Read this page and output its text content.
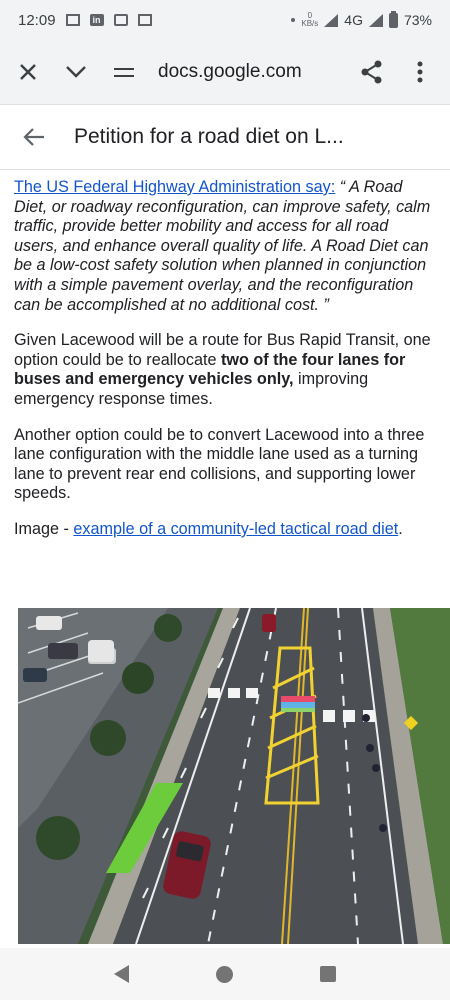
12:09	in	0
KB/s 4G	73%
docs.google.com
Petition for a road diet on L...

The US Federal Highway Administration say: “ A Road Diet, or roadway reconfiguration, can improve safety, calm traffic, provide better mobility and access for all road users, and enhance overall quality of life. A Road Diet can be a low-cost safety solution when planned in conjunction with a simple pavement overlay, and the reconfiguration can be accomplished at no additional cost. ”

Given Lacewood will be a route for Bus Rapid Transit, one option could be to reallocate two of the four lanes for buses and emergency vehicles only, improving emergency response times.

Another option could be to convert Lacewood into a three lane configuration with the middle lane used as a turning lane to prevent rear end collisions, and supporting lower speeds.

Image - example of a community-led tactical road diet.
